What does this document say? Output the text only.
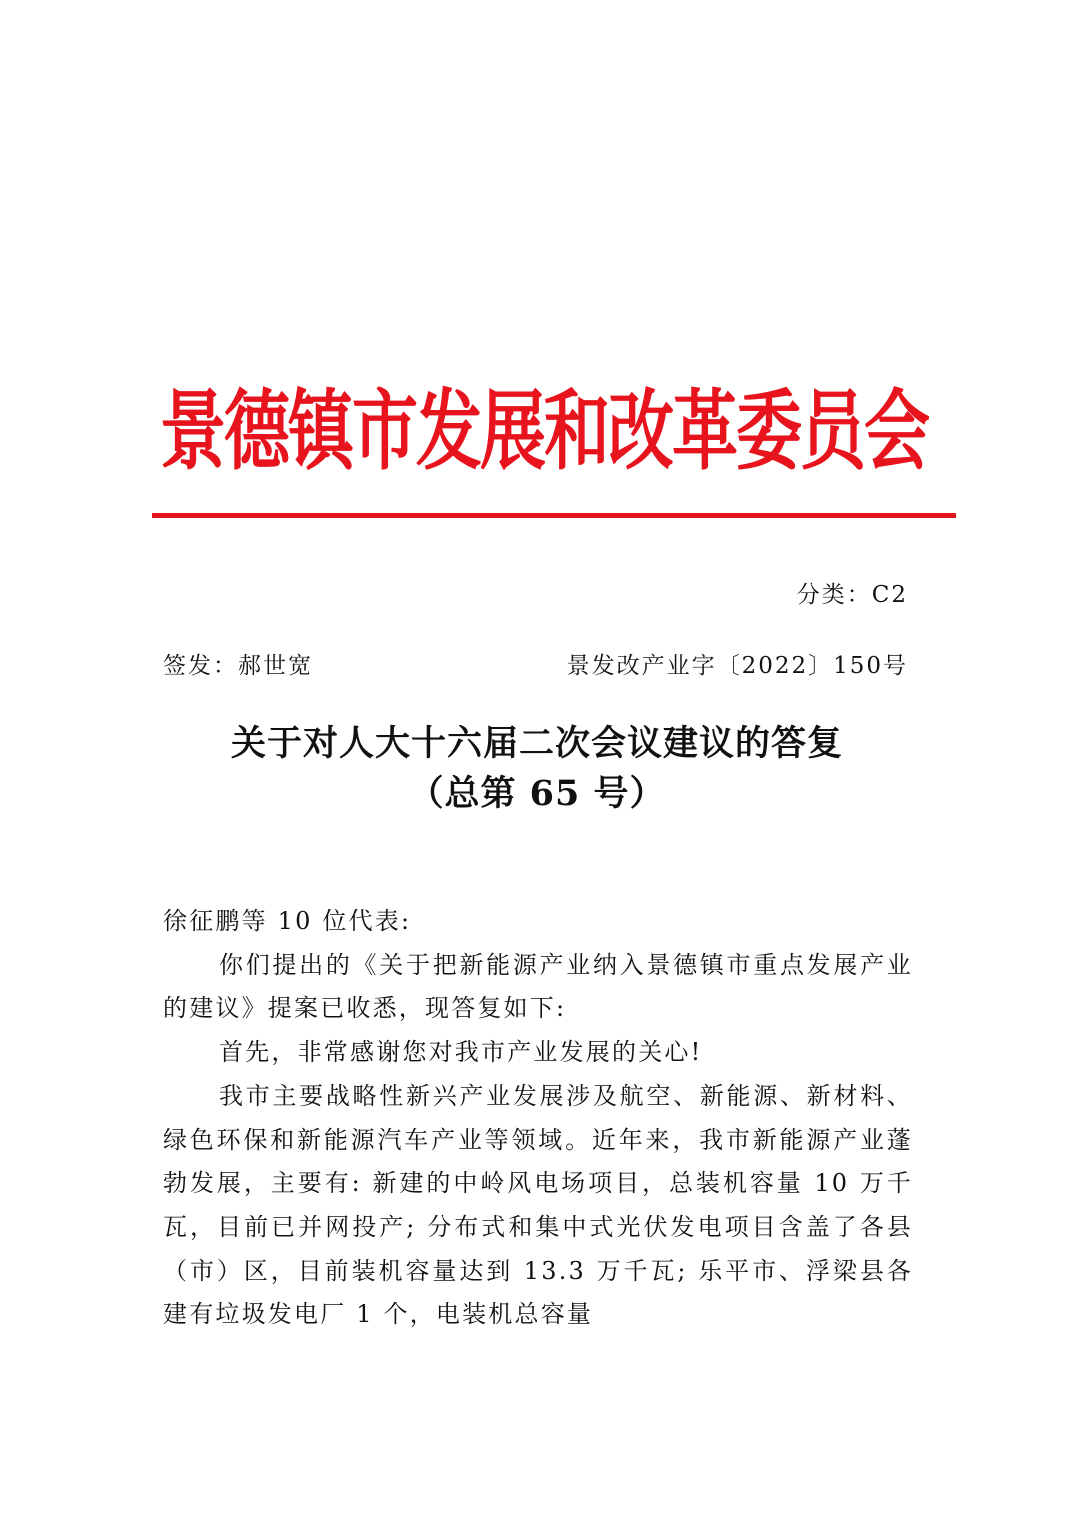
景德镇市发展和改革委员会
分类：C2
签发：郝世宽	景发改产业字〔2022〕150号
关于对人大十六届二次会议建议的答复
（总第 65 号）

徐征鹏等 10 位代表:

你们提出的《关于把新能源产业纳入景德镇市重点发展产业的建议》提案已收悉，现答复如下:

首先，非常感谢您对我市产业发展的关心!

我市主要战略性新兴产业发展涉及航空、新能源、新材料、绿色环保和新能源汽车产业等领域。近年来，我市新能源产业蓬勃发展，主要有: 新建的中岭风电场项目，总装机容量 10 万千瓦，目前已并网投产; 分布式和集中式光伏发电项目含盖了各县（市）区，目前装机容量达到 13.3 万千瓦; 乐平市、浮梁县各建有垃圾发电厂 1 个，电装机总容量
